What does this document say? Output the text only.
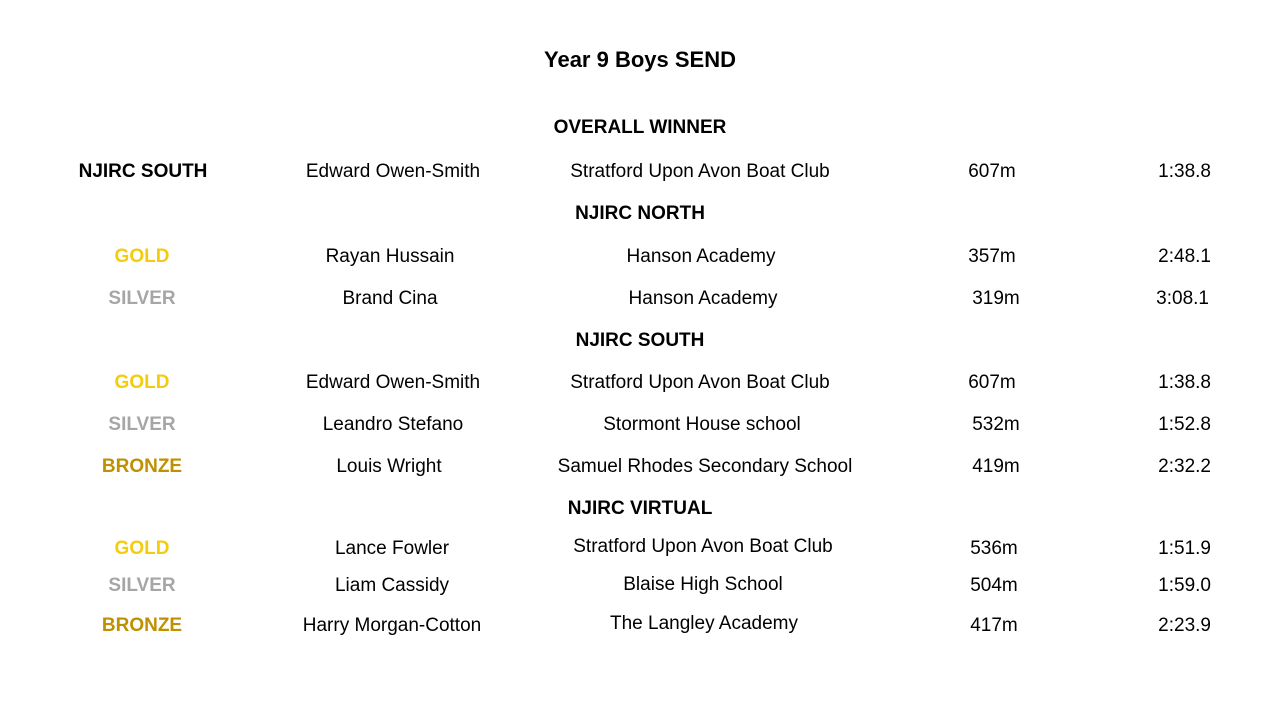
Year 9 Boys SEND
OVERALL WINNER
NJIRC SOUTH	Edward Owen-Smith	Stratford Upon Avon Boat Club	607m	1:38.8
NJIRC NORTH
GOLD	Rayan Hussain	Hanson Academy	357m	2:48.1
SILVER	Brand Cina	Hanson Academy	319m	3:08.1
NJIRC SOUTH
GOLD	Edward Owen-Smith	Stratford Upon Avon Boat Club	607m	1:38.8
SILVER	Leandro Stefano	Stormont House school	532m	1:52.8
BRONZE	Louis Wright	Samuel Rhodes Secondary School	419m	2:32.2
NJIRC VIRTUAL
GOLD	Lance Fowler	Stratford Upon Avon Boat Club	536m	1:51.9
SILVER	Liam Cassidy	Blaise High School	504m	1:59.0
BRONZE	Harry Morgan-Cotton	The Langley Academy	417m	2:23.9
